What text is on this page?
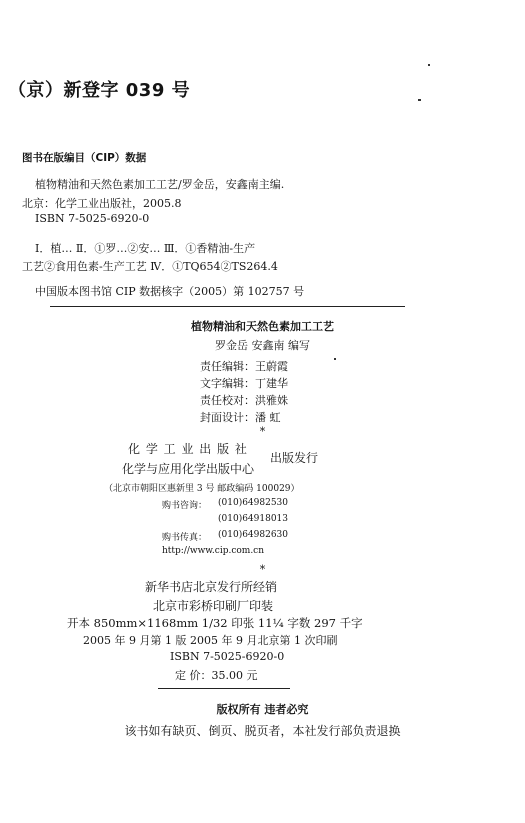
（京）新登字 039 号
图书在版编目（CIP）数据
植物精油和天然色素加工工艺/罗金岳，安鑫南主编.
北京：化学工业出版社，2005.8
ISBN 7-5025-6920-0
Ⅰ．植… Ⅱ．①罗…②安… Ⅲ．①香精油-生产
工艺②食用色素-生产工艺 Ⅳ．①TQ654②TS264.4
中国版本图书馆 CIP 数据核字（2005）第 102757 号
植物精油和天然色素加工工艺
罗金岳 安鑫南 编写
责任编辑：王蔚霞
文字编辑：丁建华
责任校对：洪雅姝
封面设计：潘 虹
*
化 学 工 业 出 版 社
化学与应用化学出版中心
出版发行
（北京市朝阳区惠新里 3 号 邮政编码 100029）
购书咨询： (010)64982530
(010)64918013
购书传真： (010)64982630
http://www.cip.com.cn
*
新华书店北京发行所经销
北京市彩桥印刷厂印装
开本 850mm×1168mm 1/32 印张 11¼ 字数 297 千字
2005 年 9 月第 1 版 2005 年 9 月北京第 1 次印刷
ISBN 7-5025-6920-0
定 价：35.00 元
版权所有 违者必究
该书如有缺页、倒页、脱页者，本社发行部负责退换
